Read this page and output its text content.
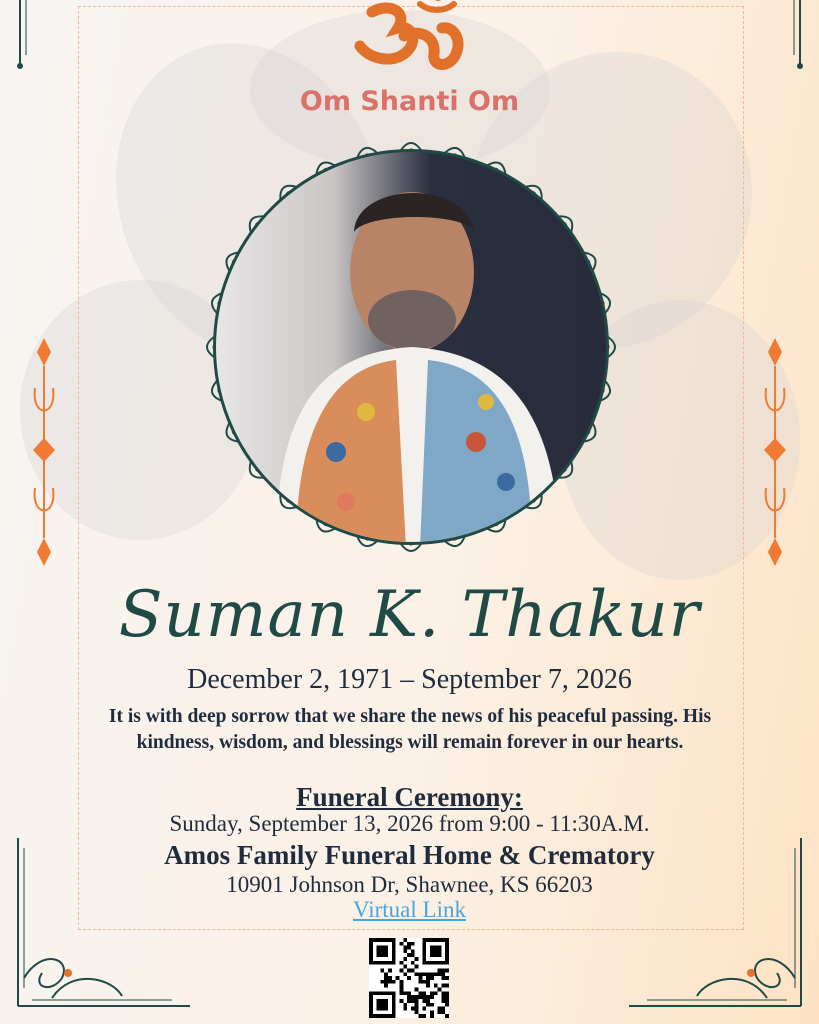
Om Shanti Om
Suman K. Thakur
December 2, 1971 – September 7, 2026
It is with deep sorrow that we share the news of his peaceful passing. His kindness, wisdom, and blessings will remain forever in our hearts.
Funeral Ceremony:
Sunday, September 13, 2026 from 9:00 - 11:30A.M.
Amos Family Funeral Home & Crematory
10901 Johnson Dr, Shawnee, KS 66203
Virtual Link
